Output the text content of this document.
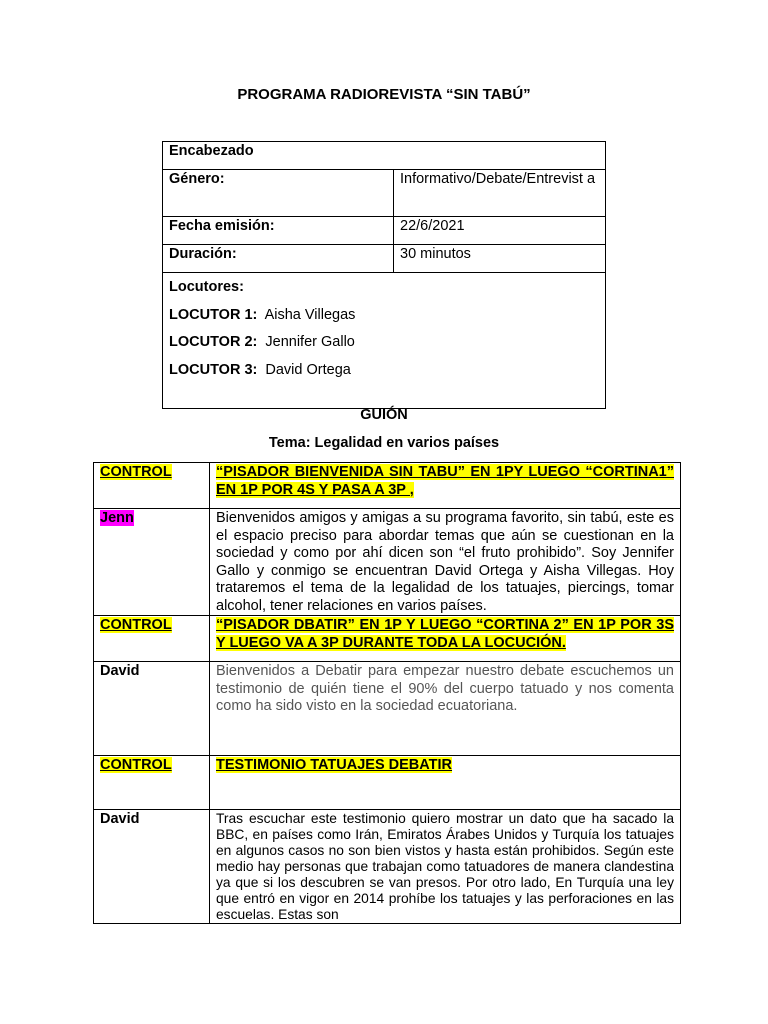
PROGRAMA RADIOREVISTA “SIN TABÚ”
Encabezado	
Género:	Informativo/Debate/Entrevist a
Fecha emisión:	22/6/2021
Duración:	30 minutos

Locutores:
LOCUTOR 1: Aisha Villegas
LOCUTOR 2: Jennifer Gallo
LOCUTOR 3: David Ortega	
GUIÓN
Tema: Legalidad en varios países
CONTROL	“PISADOR BIENVENIDA SIN TABU” EN 1PY LUEGO “CORTINA1” EN 1P POR 4S Y PASA A 3P ,
Jenn	Bienvenidos amigos y amigas a su programa favorito, sin tabú, este es el espacio preciso para abordar temas que aún se cuestionan en la sociedad y como por ahí dicen son “el fruto prohibido”. Soy Jennifer Gallo y conmigo se encuentran David Ortega y Aisha Villegas. Hoy trataremos el tema de la legalidad de los tatuajes, piercings, tomar alcohol, tener relaciones en varios países.
CONTROL	“PISADOR DBATIR” EN 1P Y LUEGO “CORTINA 2” EN 1P POR 3S Y LUEGO VA A 3P DURANTE TODA LA LOCUCIÓN.
David	Bienvenidos a Debatir para empezar nuestro debate escuchemos un testimonio de quién tiene el 90% del cuerpo tatuado y nos comenta como ha sido visto en la sociedad ecuatoriana.
CONTROL	TESTIMONIO TATUAJES DEBATIR
David	Tras escuchar este testimonio quiero mostrar un dato que ha sacado la BBC, en países como Irán, Emiratos Árabes Unidos y Turquía los tatuajes en algunos casos no son bien vistos y hasta están prohibidos. Según este medio hay personas que trabajan como tatuadores de manera clandestina ya que si los descubren se van presos. Por otro lado, En Turquía una ley que entró en vigor en 2014 prohíbe los tatuajes y las perforaciones en las escuelas. Estas son
